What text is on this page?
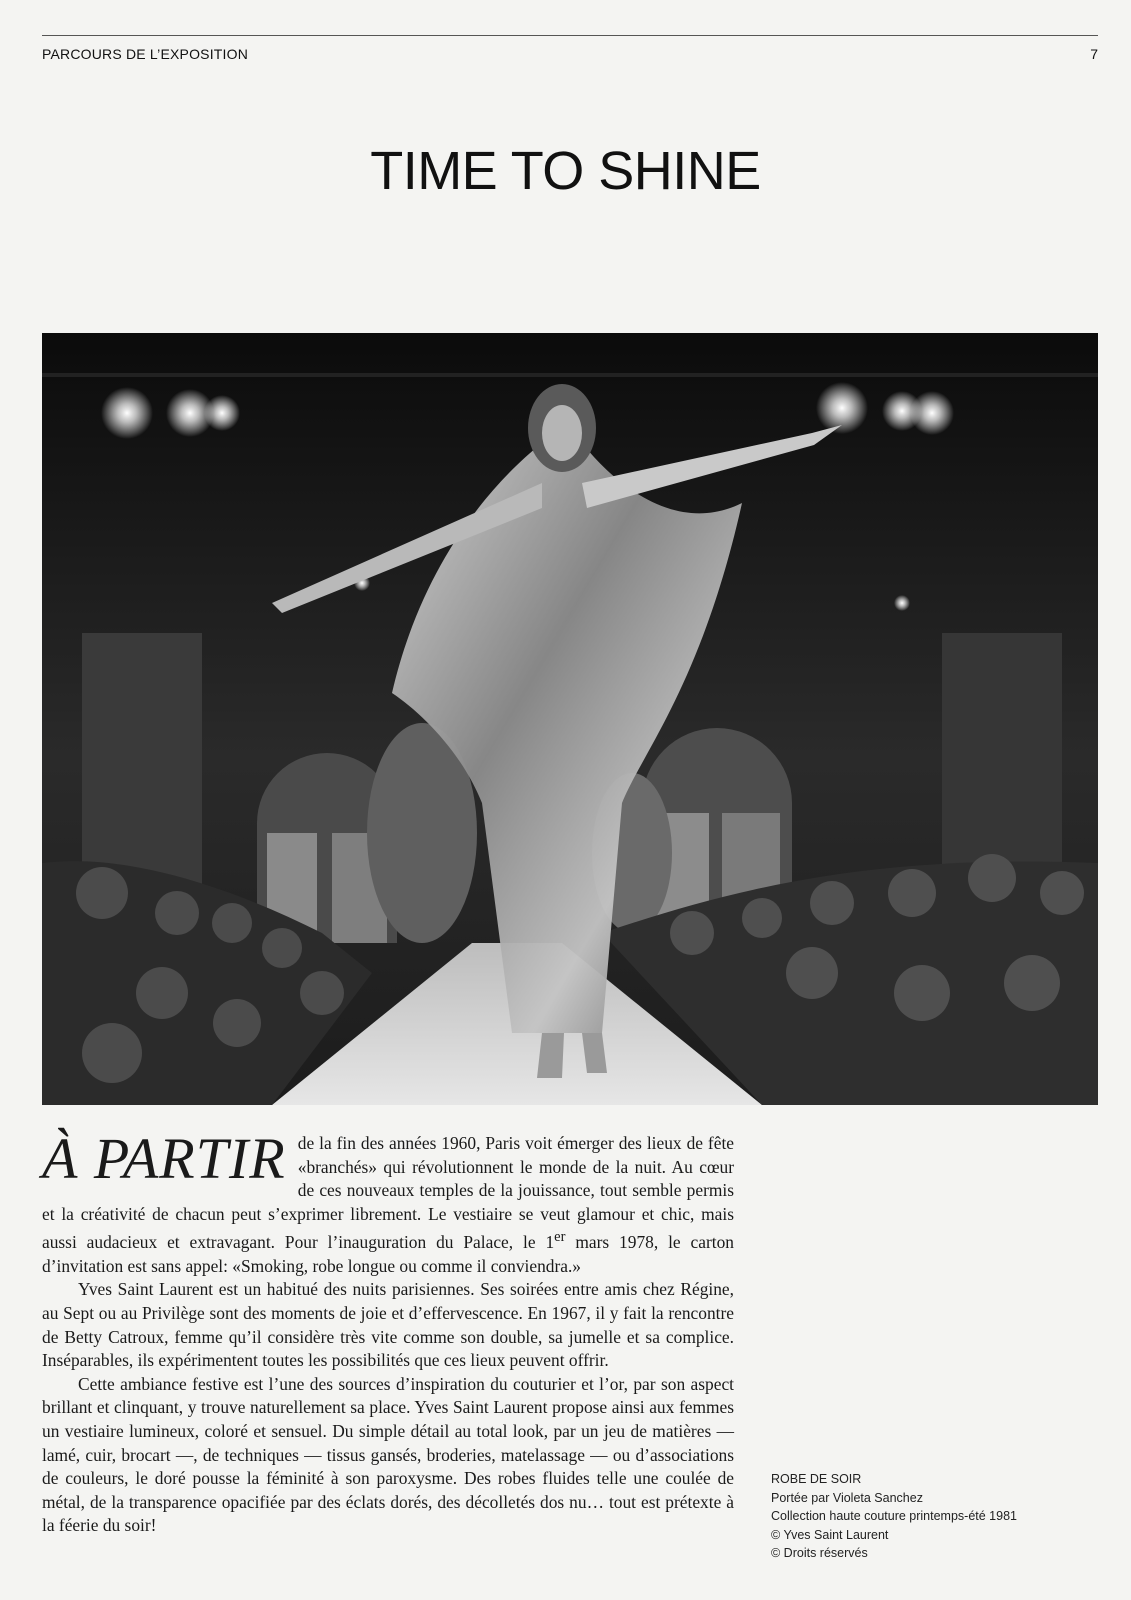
PARCOURS DE L’EXPOSITION	7
TIME TO SHINE

À PARTIR de la fin des années 1960, Paris voit émerger des lieux de fête «branchés» qui révolutionnent le monde de la nuit. Au cœur de ces nouveaux temples de la jouissance, tout semble permis et la créativité de chacun peut s’exprimer librement. Le vestiaire se veut glamour et chic, mais aussi audacieux et extravagant. Pour l’inauguration du Palace, le 1er mars 1978, le carton d’invitation est sans appel: «Smoking, robe longue ou comme il conviendra.»

Yves Saint Laurent est un habitué des nuits parisiennes. Ses soirées entre amis chez Régine, au Sept ou au Privilège sont des moments de joie et d’effervescence. En 1967, il y fait la rencontre de Betty Catroux, femme qu’il considère très vite comme son double, sa jumelle et sa complice. Inséparables, ils expérimentent toutes les possibilités que ces lieux peuvent offrir.

Cette ambiance festive est l’une des sources d’inspiration du couturier et l’or, par son aspect brillant et clinquant, y trouve naturellement sa place. Yves Saint Laurent propose ainsi aux femmes un vestiaire lumineux, coloré et sensuel. Du simple détail au total look, par un jeu de matières — lamé, cuir, brocart —, de techniques — tissus gansés, broderies, matelassage — ou d’associations de couleurs, le doré pousse la féminité à son paroxysme. Des robes fluides telle une coulée de métal, de la transparence opacifiée par des éclats dorés, des décolletés dos nu… tout est prétexte à la féerie du soir!

ROBE DE SOIR
Portée par Violeta Sanchez
Collection haute couture printemps-été 1981
© Yves Saint Laurent
© Droits réservés
